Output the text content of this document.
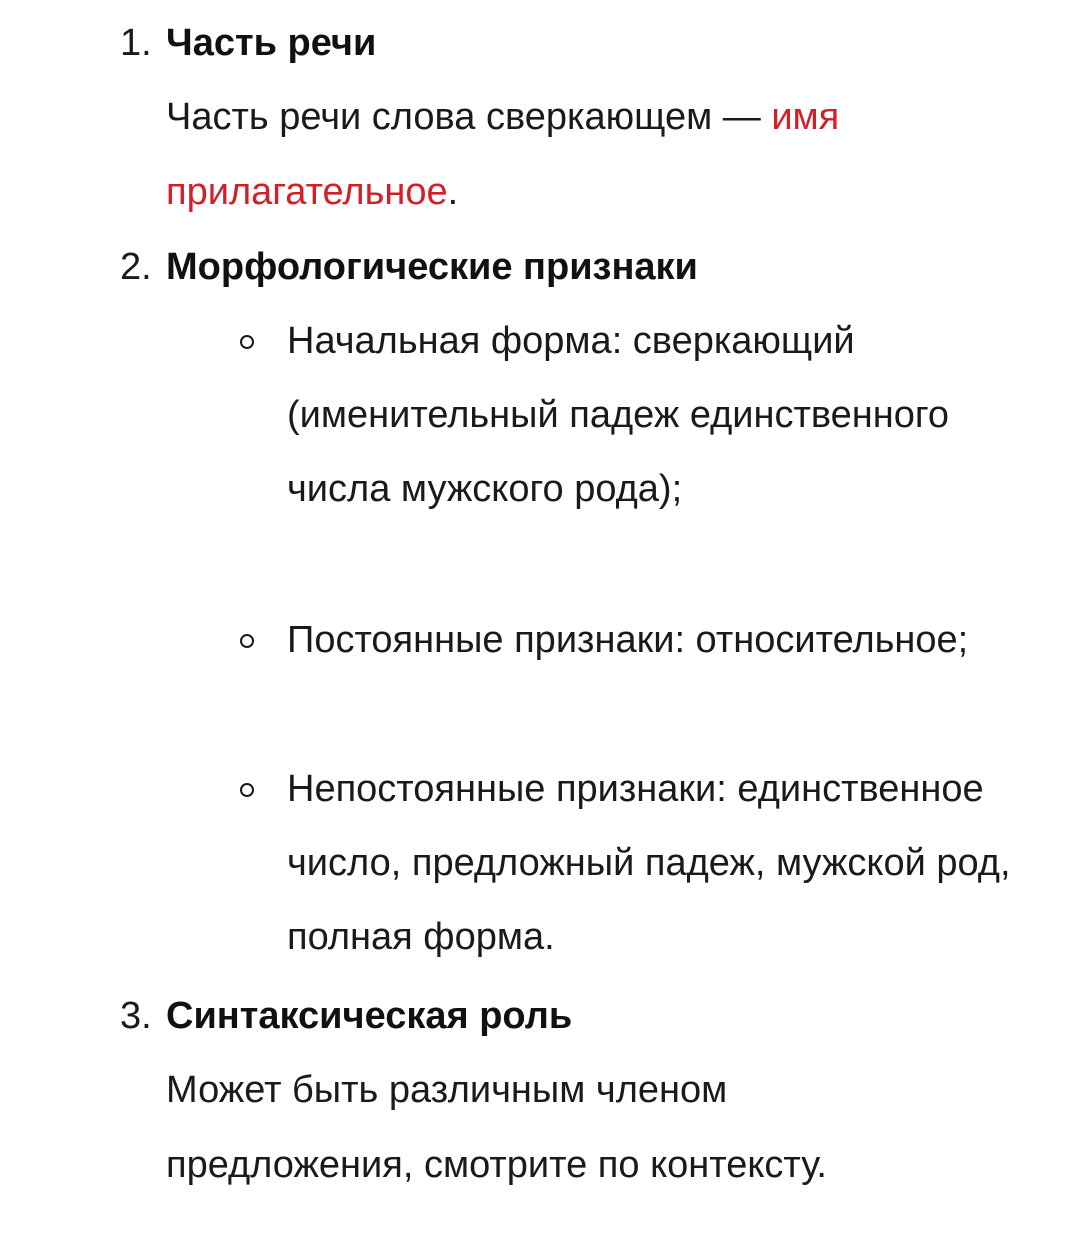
1. Часть речи

Часть речи слова сверкающем — имя прилагательное.

2. Морфологические признаки

Начальная форма: сверкающий (именительный падеж единственного числа мужского рода);

Постоянные признаки: относительное;

Непостоянные признаки: единственное число, предложный падеж, мужской род, полная форма.

3. Синтаксическая роль

Может быть различным членом предложения, смотрите по контексту.
